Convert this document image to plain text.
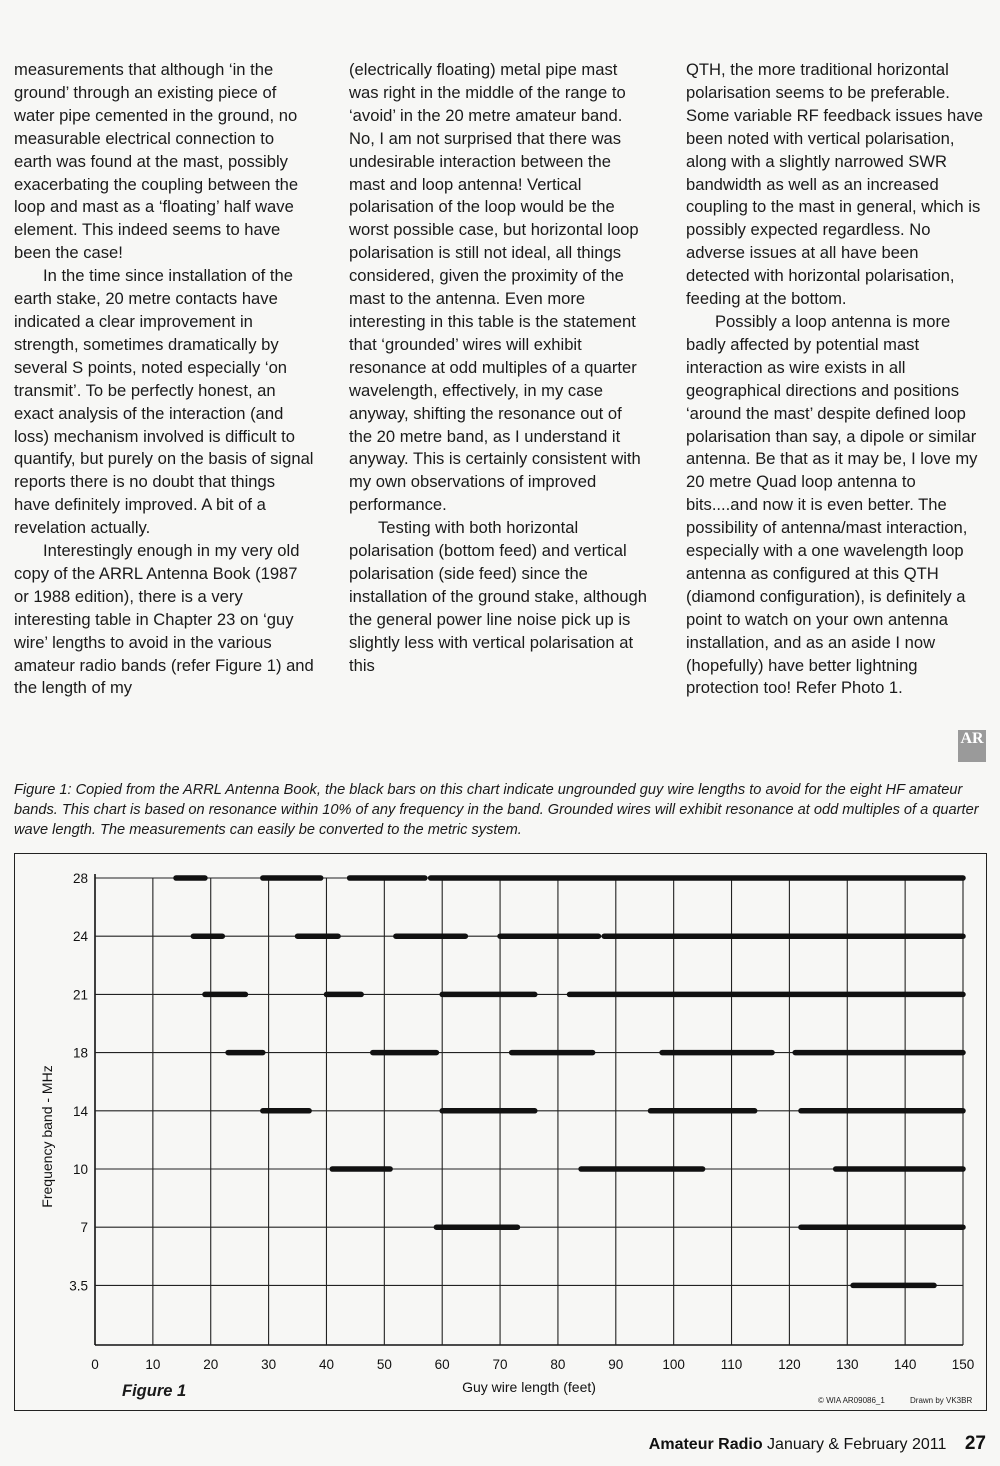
measurements that although ‘in the ground’ through an existing piece of water pipe cemented in the ground, no measurable electrical connection to earth was found at the mast, possibly exacerbating the coupling between the loop and mast as a ‘floating’ half wave element. This indeed seems to have been the case!

In the time since installation of the earth stake, 20 metre contacts have indicated a clear improvement in strength, sometimes dramatically by several S points, noted especially ‘on transmit’. To be perfectly honest, an exact analysis of the interaction (and loss) mechanism involved is difficult to quantify, but purely on the basis of signal reports there is no doubt that things have definitely improved. A bit of a revelation actually.

Interestingly enough in my very old copy of the ARRL Antenna Book (1987 or 1988 edition), there is a very interesting table in Chapter 23 on ‘guy wire’ lengths to avoid in the various amateur radio bands (refer Figure 1) and the length of my

(electrically floating) metal pipe mast was right in the middle of the range to ‘avoid’ in the 20 metre amateur band. No, I am not surprised that there was undesirable interaction between the mast and loop antenna! Vertical polarisation of the loop would be the worst possible case, but horizontal loop polarisation is still not ideal, all things considered, given the proximity of the mast to the antenna. Even more interesting in this table is the statement that ‘grounded’ wires will exhibit resonance at odd multiples of a quarter wavelength, effectively, in my case anyway, shifting the resonance out of the 20 metre band, as I understand it anyway. This is certainly consistent with my own observations of improved performance.

Testing with both horizontal polarisation (bottom feed) and vertical polarisation (side feed) since the installation of the ground stake, although the general power line noise pick up is slightly less with vertical polarisation at this

QTH, the more traditional horizontal polarisation seems to be preferable. Some variable RF feedback issues have been noted with vertical polarisation, along with a slightly narrowed SWR bandwidth as well as an increased coupling to the mast in general, which is possibly expected regardless. No adverse issues at all have been detected with horizontal polarisation, feeding at the bottom.

Possibly a loop antenna is more badly affected by potential mast interaction as wire exists in all geographical directions and positions ‘around the mast’ despite defined loop polarisation than say, a dipole or similar antenna. Be that as it may be, I love my 20 metre Quad loop antenna to bits....and now it is even better. The possibility of antenna/mast interaction, especially with a one wavelength loop antenna as configured at this QTH (diamond configuration), is definitely a point to watch on your own antenna installation, and as an aside I now (hopefully) have better lightning protection too! Refer Photo 1.

AR

Figure 1: Copied from the ARRL Antenna Book, the black bars on this chart indicate ungrounded guy wire lengths to avoid for the eight HF amateur bands. This chart is based on resonance within 10% of any frequency in the band. Grounded wires will exhibit resonance at odd multiples of a quarter wave length. The measurements can easily be converted to the metric system.

28
24
21
18
14
10
7
3.5
0	10	20	30	40	50	60	70	80	90	100	110	120	130	140	150
Guy wire length (feet)
Frequency band - MHz
Figure 1
© WIA AR09086_1	Drawn by VK3BR
Amateur Radio January & February 2011 27
